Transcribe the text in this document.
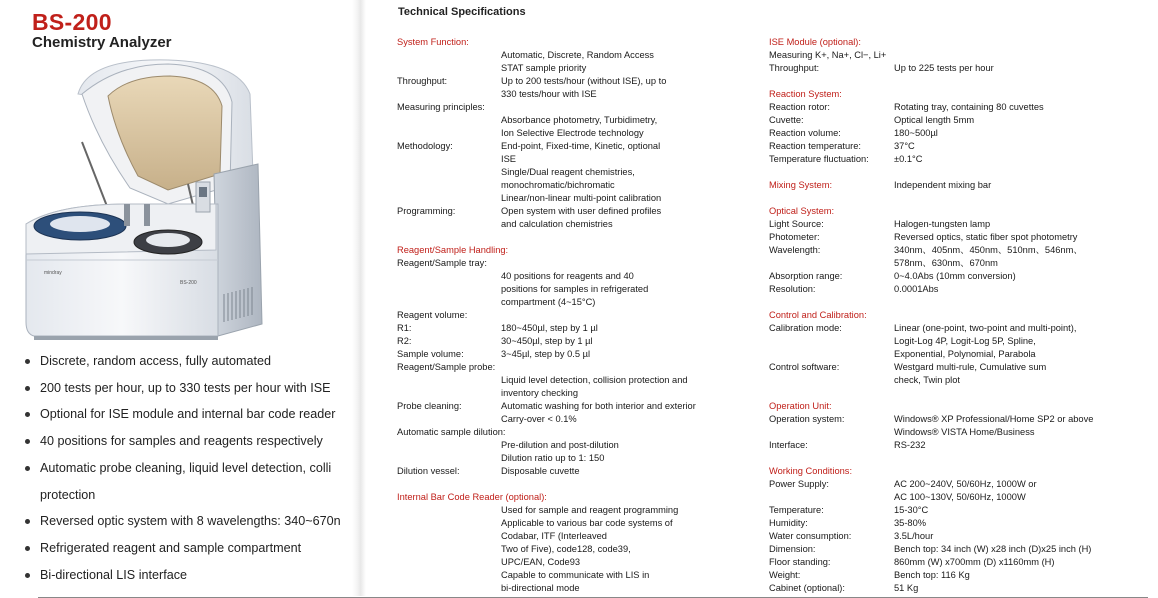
BS-200
Chemistry Analyzer
mindray
BS-200
Discrete, random access, fully automated
200 tests per hour, up to 330 tests per hour with ISE
Optional for ISE module and internal bar code reader
40 positions for samples and reagents respectively
Automatic probe cleaning, liquid level detection, colli
protection
Reversed optic system with 8 wavelengths: 340~670n
Refrigerated reagent and sample compartment
Bi-directional LIS interface
Technical Specifications
System Function:
Automatic, Discrete, Random Access
STAT sample priority
Throughput:	Up to 200 tests/hour (without ISE), up to
330 tests/hour with ISE
Measuring principles:
Absorbance photometry, Turbidimetry,
Ion Selective Electrode technology
Methodology:	End-point, Fixed-time, Kinetic, optional
ISE
Single/Dual reagent chemistries,
monochromatic/bichromatic
Linear/non-linear multi-point calibration
Programming:	Open system with user defined profiles
and calculation chemistries
Reagent/Sample Handling:
Reagent/Sample tray:
40 positions for reagents and 40
positions for samples in refrigerated
compartment (4~15°C)
Reagent volume:
R1:	180~450µl, step by 1 µl
R2:	30~450µl, step by 1 µl
Sample volume:	3~45µl, step by 0.5 µl
Reagent/Sample probe:
Liquid level detection, collision protection and
inventory checking
Probe cleaning:	Automatic washing for both interior and exterior
Carry-over < 0.1%
Automatic sample dilution:
Pre-dilution and post-dilution
Dilution ratio up to 1: 150
Dilution vessel:	Disposable cuvette
Internal Bar Code Reader (optional):
Used for sample and reagent programming
Applicable to various bar code systems of
Codabar, ITF (Interleaved
Two of Five), code128, code39,
UPC/EAN, Code93
Capable to communicate with LIS in
bi-directional mode
ISE Module (optional):
Measuring K+, Na+, Cl−, Li+
Throughput:	Up to 225 tests per hour
Reaction System:
Reaction rotor:	Rotating tray, containing 80 cuvettes
Cuvette:	Optical length 5mm
Reaction volume:	180~500µl
Reaction temperature:	37°C
Temperature fluctuation:	±0.1°C
Mixing System:	Independent mixing bar
Optical System:
Light Source:	Halogen-tungsten lamp
Photometer:	Reversed optics, static fiber spot photometry
Wavelength:	340nm、405nm、450nm、510nm、546nm、
578nm、630nm、670nm
Absorption range:	0~4.0Abs (10mm conversion)
Resolution:	0.0001Abs
Control and Calibration:
Calibration mode:	Linear (one-point, two-point and multi-point),
Logit-Log 4P, Logit-Log 5P, Spline,
Exponential, Polynomial, Parabola
Control software:	Westgard multi-rule, Cumulative sum
check, Twin plot
Operation Unit:
Operation system:	Windows® XP Professional/Home SP2 or above
Windows® VISTA Home/Business
Interface:	RS-232
Working Conditions:
Power Supply:	AC 200~240V, 50/60Hz, 1000W or
AC 100~130V, 50/60Hz, 1000W
Temperature:	15-30°C
Humidity:	35-80%
Water consumption:	3.5L/hour
Dimension:	Bench top: 34 inch (W) x28 inch (D)x25 inch (H)
Floor standing:	860mm (W) x700mm (D) x1160mm (H)
Weight:	Bench top: 116 Kg
Cabinet (optional):	51 Kg
